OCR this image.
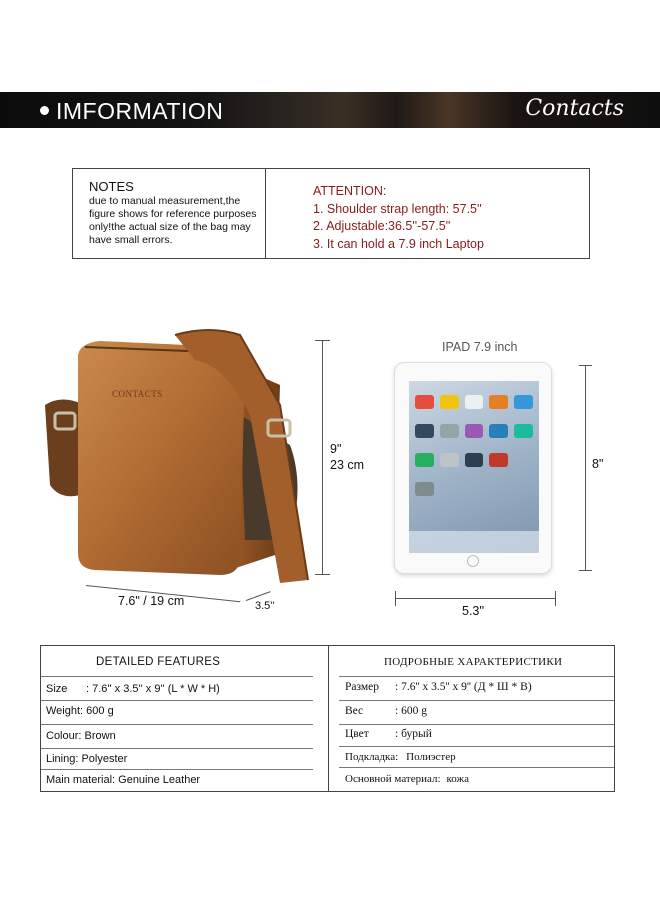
IMFORMATION	Contacts
NOTES
due to manual measurement,the figure shows for reference purposes only!the actual size of the bag may have small errors.
ATTENTION:
1. Shoulder strap length: 57.5''
2. Adjustable:36.5''-57.5''
3. It can hold a 7.9 inch Laptop
CONTACTS
9"
23 cm
7.6" / 19 cm	3.5''
IPAD 7.9 inch
8"
5.3''
DETAILED FEATURES
Size : 7.6'' x 3.5'' x 9'' (L * W * H)
Weight: 600 g
Colour: Brown
Lining: Polyester
Main material: Genuine Leather
ПОДРОБНЫЕ ХАРАКТЕРИСТИКИ
Размер : 7.6'' x 3.5'' x 9'' (Д * Ш * В)
Вес	: 600 g
Цвет : бурый
Подкладка: Полиэстер
Основной материал: кожа
